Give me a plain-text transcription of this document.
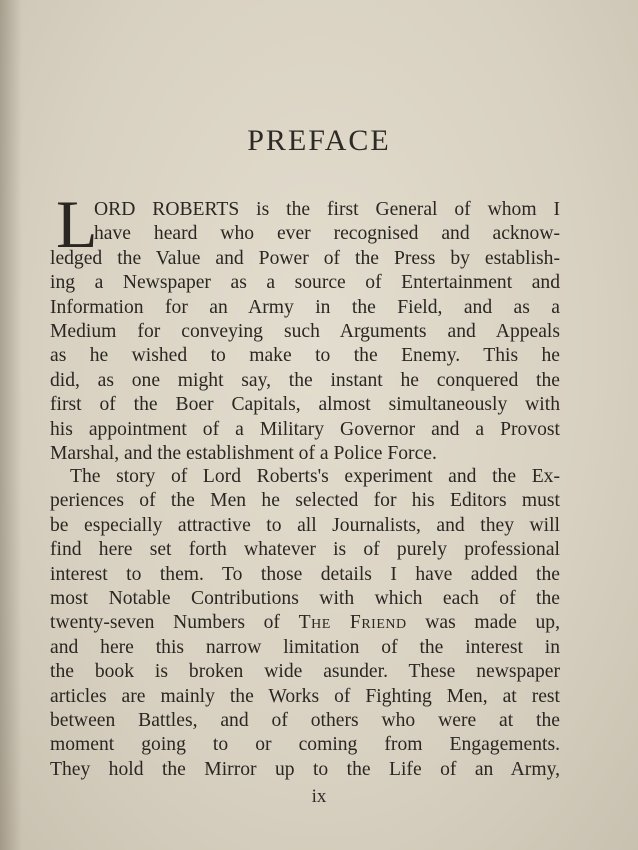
PREFACE
L
ORD ROBERTS is the first General of whom I
have heard who ever recognised and acknow-
ledged the Value and Power of the Press by establish-
ing a Newspaper as a source of Entertainment and
Information for an Army in the Field, and as a
Medium for conveying such Arguments and Appeals
as he wished to make to the Enemy. This he
did, as one might say, the instant he conquered the
first of the Boer Capitals, almost simultaneously with
his appointment of a Military Governor and a Provost
Marshal, and the establishment of a Police Force.
The story of Lord Roberts's experiment and the Ex-
periences of the Men he selected for his Editors must
be especially attractive to all Journalists, and they will
find here set forth whatever is of purely professional
interest to them. To those details I have added the
most Notable Contributions with which each of the
twenty-seven Numbers of The Friend was made up,
and here this narrow limitation of the interest in
the book is broken wide asunder. These newspaper
articles are mainly the Works of Fighting Men, at rest
between Battles, and of others who were at the
moment going to or coming from Engagements.
They hold the Mirror up to the Life of an Army,
ix
